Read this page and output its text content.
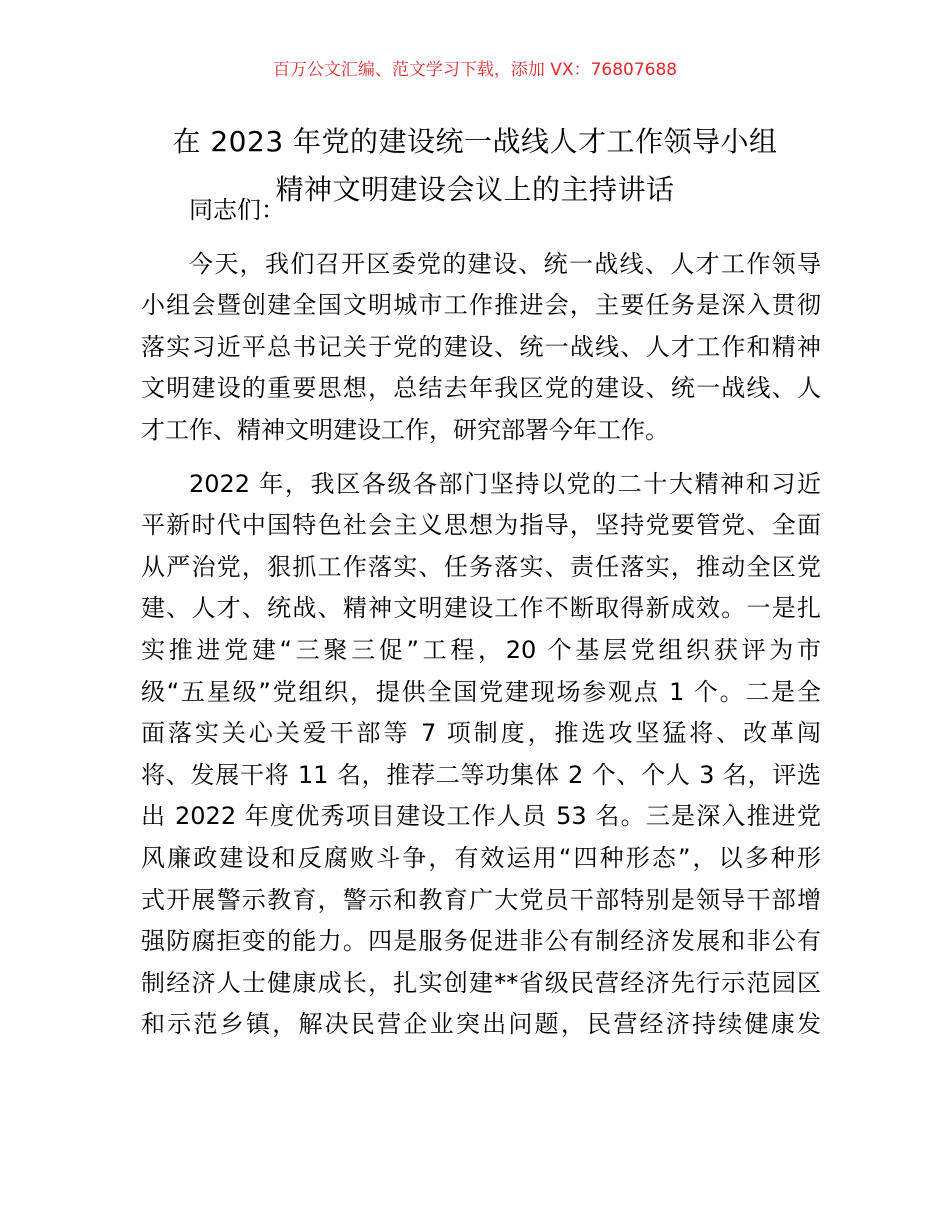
百万公文汇编、范文学习下载，添加 VX：76807688
在 2023 年党的建设统一战线人才工作领导小组
精神文明建设会议上的主持讲话
同志们：
今天，我们召开区委党的建设、统一战线、人才工作领导
小组会暨创建全国文明城市工作推进会，主要任务是深入贯彻
落实习近平总书记关于党的建设、统一战线、人才工作和精神
文明建设的重要思想，总结去年我区党的建设、统一战线、人
才工作、精神文明建设工作，研究部署今年工作。
2022 年，我区各级各部门坚持以党的二十大精神和习近
平新时代中国特色社会主义思想为指导，坚持党要管党、全面
从严治党，狠抓工作落实、任务落实、责任落实，推动全区党
建、人才、统战、精神文明建设工作不断取得新成效。一是扎
实推进党建“三聚三促”工程，20 个基层党组织获评为市
级“五星级”党组织，提供全国党建现场参观点 1 个。二是全
面落实关心关爱干部等 7 项制度，推选攻坚猛将、改革闯
将、发展干将 11 名，推荐二等功集体 2 个、个人 3 名，评选
出 2022 年度优秀项目建设工作人员 53 名。三是深入推进党
风廉政建设和反腐败斗争，有效运用“四种形态”，以多种形
式开展警示教育，警示和教育广大党员干部特别是领导干部增
强防腐拒变的能力。四是服务促进非公有制经济发展和非公有
制经济人士健康成长，扎实创建**省级民营经济先行示范园区
和示范乡镇，解决民营企业突出问题，民营经济持续健康发
